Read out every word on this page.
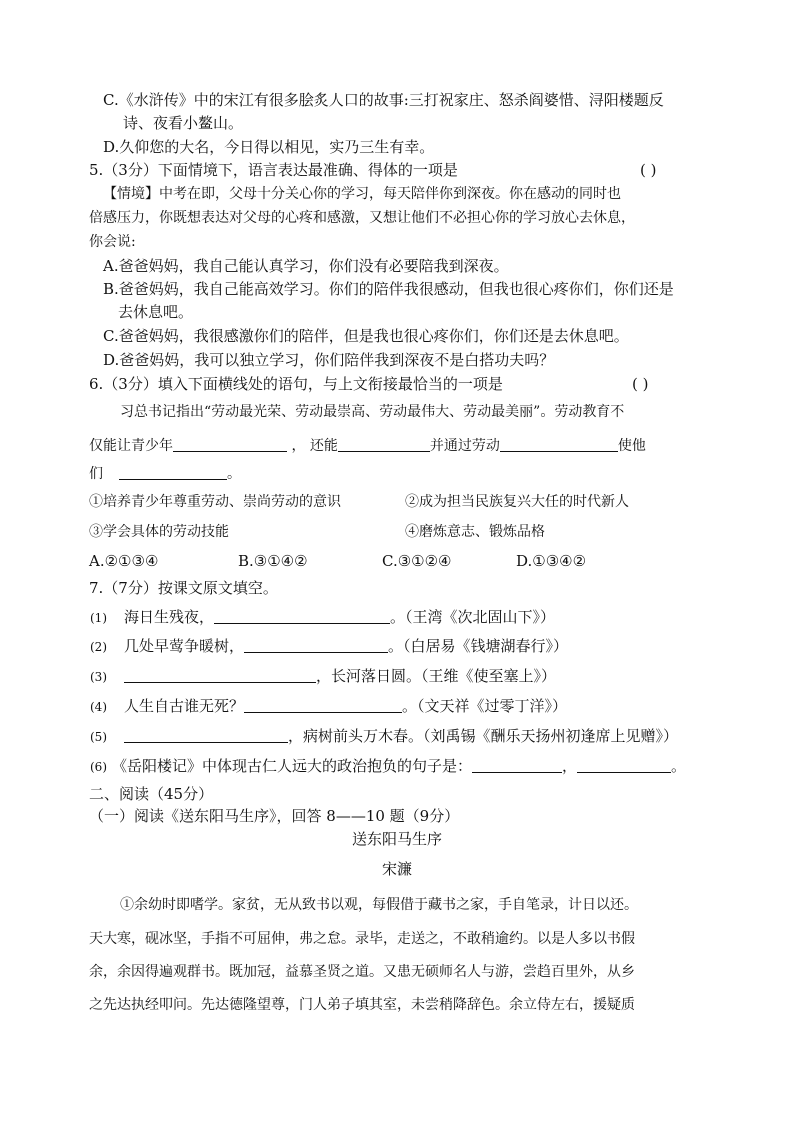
C.《水浒传》中的宋江有很多脍炙人口的故事:三打祝家庄、怒杀阎婆惜、浔阳楼题反
诗、夜看小鳌山。
D.久仰您的大名，今日得以相见，实乃三生有幸。
5.（3分）下面情境下，语言表达最准确、得体的一项是	( )
【情境】中考在即，父母十分关心你的学习，每天陪伴你到深夜。你在感动的同时也
倍感压力，你既想表达对父母的心疼和感激，又想让他们不必担心你的学习放心去休息，
你会说:
A.爸爸妈妈，我自己能认真学习，你们没有必要陪我到深夜。
B.爸爸妈妈，我自己能高效学习。你们的陪伴我很感动，但我也很心疼你们，你们还是
去休息吧。
C.爸爸妈妈，我很感激你们的陪伴，但是我也很心疼你们，你们还是去休息吧。
D.爸爸妈妈，我可以独立学习，你们陪伴我到深夜不是白搭功夫吗？
6.（3分）填入下面横线处的语句，与上文衔接最恰当的一项是	( )
习总书记指出“劳动最光荣、劳动最崇高、劳动最伟大、劳动最美丽”。劳动教育不
仅能让青少年	， 还能	并通过劳动	使他
们	。
①培养青少年尊重劳动、崇尚劳动的意识	②成为担当民族复兴大任的时代新人
③学会具体的劳动技能	④磨炼意志、锻炼品格
A.②①③④	B.③①④②	C.③①②④	D.①③④②
7.（7分）按课文原文填空。
(1) 海日生残夜，	。（王湾《次北固山下》）
(2) 几处早莺争暖树，	。（白居易《钱塘湖春行》）
(3)	，长河落日圆。（王维《使至塞上》）
(4) 人生自古谁无死？	。（文天祥《过零丁洋》）
(5)	，病树前头万木春。（刘禹锡《酬乐天扬州初逢席上见赠》）
(6) 《岳阳楼记》中体现古仁人远大的政治抱负的句子是：	，	。
二、阅读（45分）
（一）阅读《送东阳马生序》，回答 8——10 题（9分）
送东阳马生序
宋濂
①余幼时即嗜学。家贫，无从致书以观，每假借于藏书之家，手自笔录，计日以还。
天大寒，砚冰坚，手指不可屈伸，弗之怠。录毕，走送之，不敢稍逾约。以是人多以书假
余，余因得遍观群书。既加冠，益慕圣贤之道。又患无硕师名人与游，尝趋百里外，从乡
之先达执经叩问。先达德隆望尊，门人弟子填其室，未尝稍降辞色。余立侍左右，援疑质
